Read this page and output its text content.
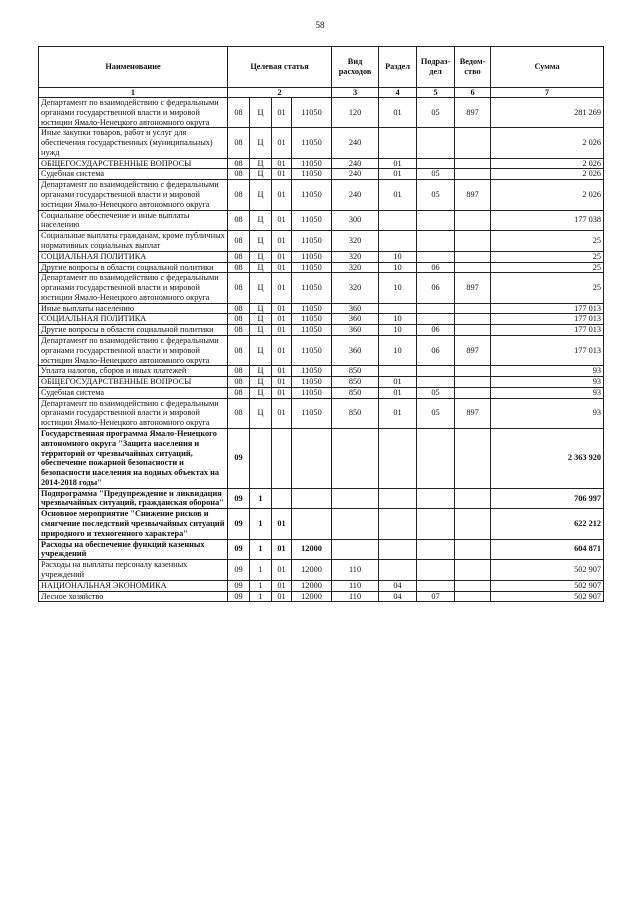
58
Наименование	Целевая статья				Вид расходов	Раздел	Подраз-дел	Ведом-ство	Сумма
1	2				3	4	5	6	7
Департамент по взаимодействию с федеральными органами государственной власти и мировой юстиции Ямало-Ненецкого автономного округа	08	Ц	01	11050	120	01	05	897	281 269
Иные закупки товаров, работ и услуг для обеспечения государственных (муниципальных) нужд	08	Ц	01	11050	240				2 026
ОБЩЕГОСУДАРСТВЕННЫЕ ВОПРОСЫ	08	Ц	01	11050	240	01			2 026
Судебная система	08	Ц	01	11050	240	01	05		2 026
Департамент по взаимодействию с федеральными органами государственной власти и мировой юстиции Ямало-Ненецкого автономного округа	08	Ц	01	11050	240	01	05	897	2 026
Социальное обеспечение и иные выплаты населению	08	Ц	01	11050	300				177 038
Социальные выплаты гражданам, кроме публичных нормативных социальных выплат	08	Ц	01	11050	320				25
СОЦИАЛЬНАЯ ПОЛИТИКА	08	Ц	01	11050	320	10			25
Другие вопросы в области социальной политики	08	Ц	01	11050	320	10	06		25
Департамент по взаимодействию с федеральными органами государственной власти и мировой юстиции Ямало-Ненецкого автономного округа	08	Ц	01	11050	320	10	06	897	25
Иные выплаты населению	08	Ц	01	11050	360				177 013
СОЦИАЛЬНАЯ ПОЛИТИКА	08	Ц	01	11050	360	10			177 013
Другие вопросы в области социальной политики	08	Ц	01	11050	360	10	06		177 013
Департамент по взаимодействию с федеральными органами государственной власти и мировой юстиции Ямало-Ненецкого автономного округа	08	Ц	01	11050	360	10	06	897	177 013
Уплата налогов, сборов и иных платежей	08	Ц	01	11050	850				93
ОБЩЕГОСУДАРСТВЕННЫЕ ВОПРОСЫ	08	Ц	01	11050	850	01			93
Судебная система	08	Ц	01	11050	850	01	05		93
Департамент по взаимодействию с федеральными органами государственной власти и мировой юстиции Ямало-Ненецкого автономного округа	08	Ц	01	11050	850	01	05	897	93
Государственная программа Ямало-Ненецкого автономного округа "Защита населения и территорий от чрезвычайных ситуаций, обеспечение пожарной безопасности и безопасности населения на водных объектах на 2014-2018 годы"	09								2 363 920
Подпрограмма "Предупреждение и ликвидация чрезвычайных ситуаций, гражданская оборона"	09	1							706 997
Основное мероприятие "Снижение рисков и смягчение последствий чрезвычайных ситуаций природного и техногенного характера"	09	1	01						622 212
Расходы на обеспечение функций казенных учреждений	09	1	01	12000					604 871
Расходы на выплаты персоналу казенных учреждений	09	1	01	12000	110				502 907
НАЦИОНАЛЬНАЯ ЭКОНОМИКА	09	1	01	12000	110	04			502 907
Лесное хозяйство	09	1	01	12000	110	04	07		502 907
